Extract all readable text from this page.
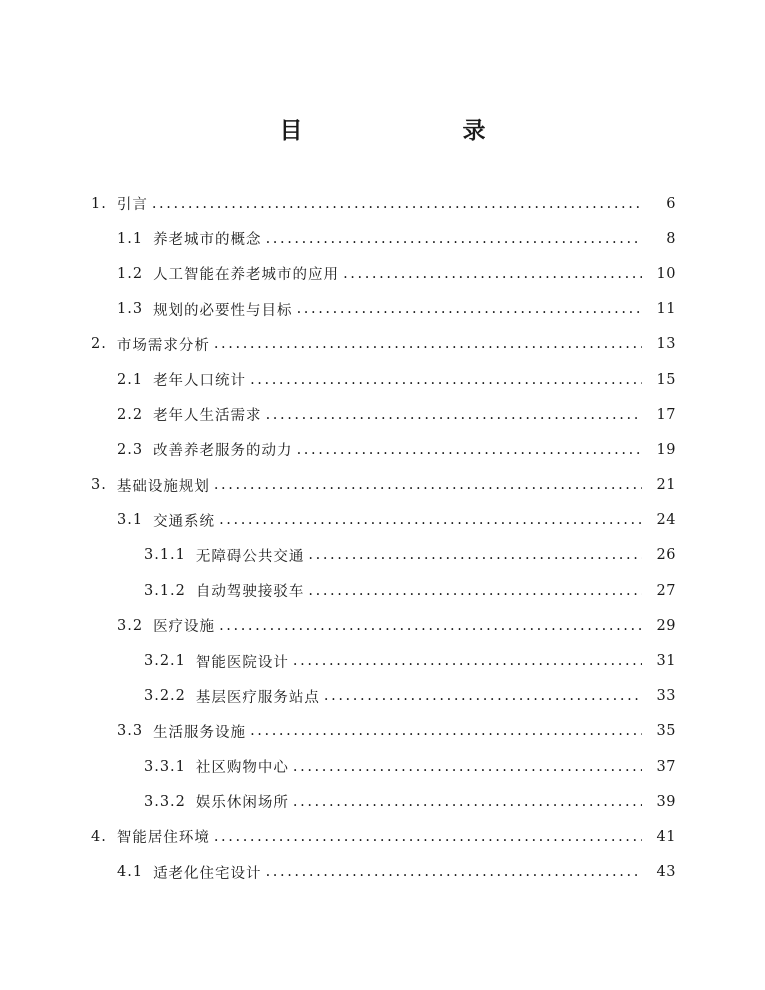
目　　录
1. 引言 . . .	6
1.1 养老城市的概念 . . .	8
1.2 人工智能在养老城市的应用 . . .	10
1.3 规划的必要性与目标 . . .	11
2. 市场需求分析 . . .	13
2.1 老年人口统计 . . .	15
2.2 老年人生活需求 . . .	17
2.3 改善养老服务的动力 . . .	19
3. 基础设施规划 . . .	21
3.1 交通系统 . . .	24
3.1.1 无障碍公共交通 . . .	26
3.1.2 自动驾驶接驳车 . . .	27
3.2 医疗设施 . . .	29
3.2.1 智能医院设计 . . .	31
3.2.2 基层医疗服务站点 . . .	33
3.3 生活服务设施 . . .	35
3.3.1 社区购物中心 . . .	37
3.3.2 娱乐休闲场所 . . .	39
4. 智能居住环境 . . .	41
4.1 适老化住宅设计 . . .	43
